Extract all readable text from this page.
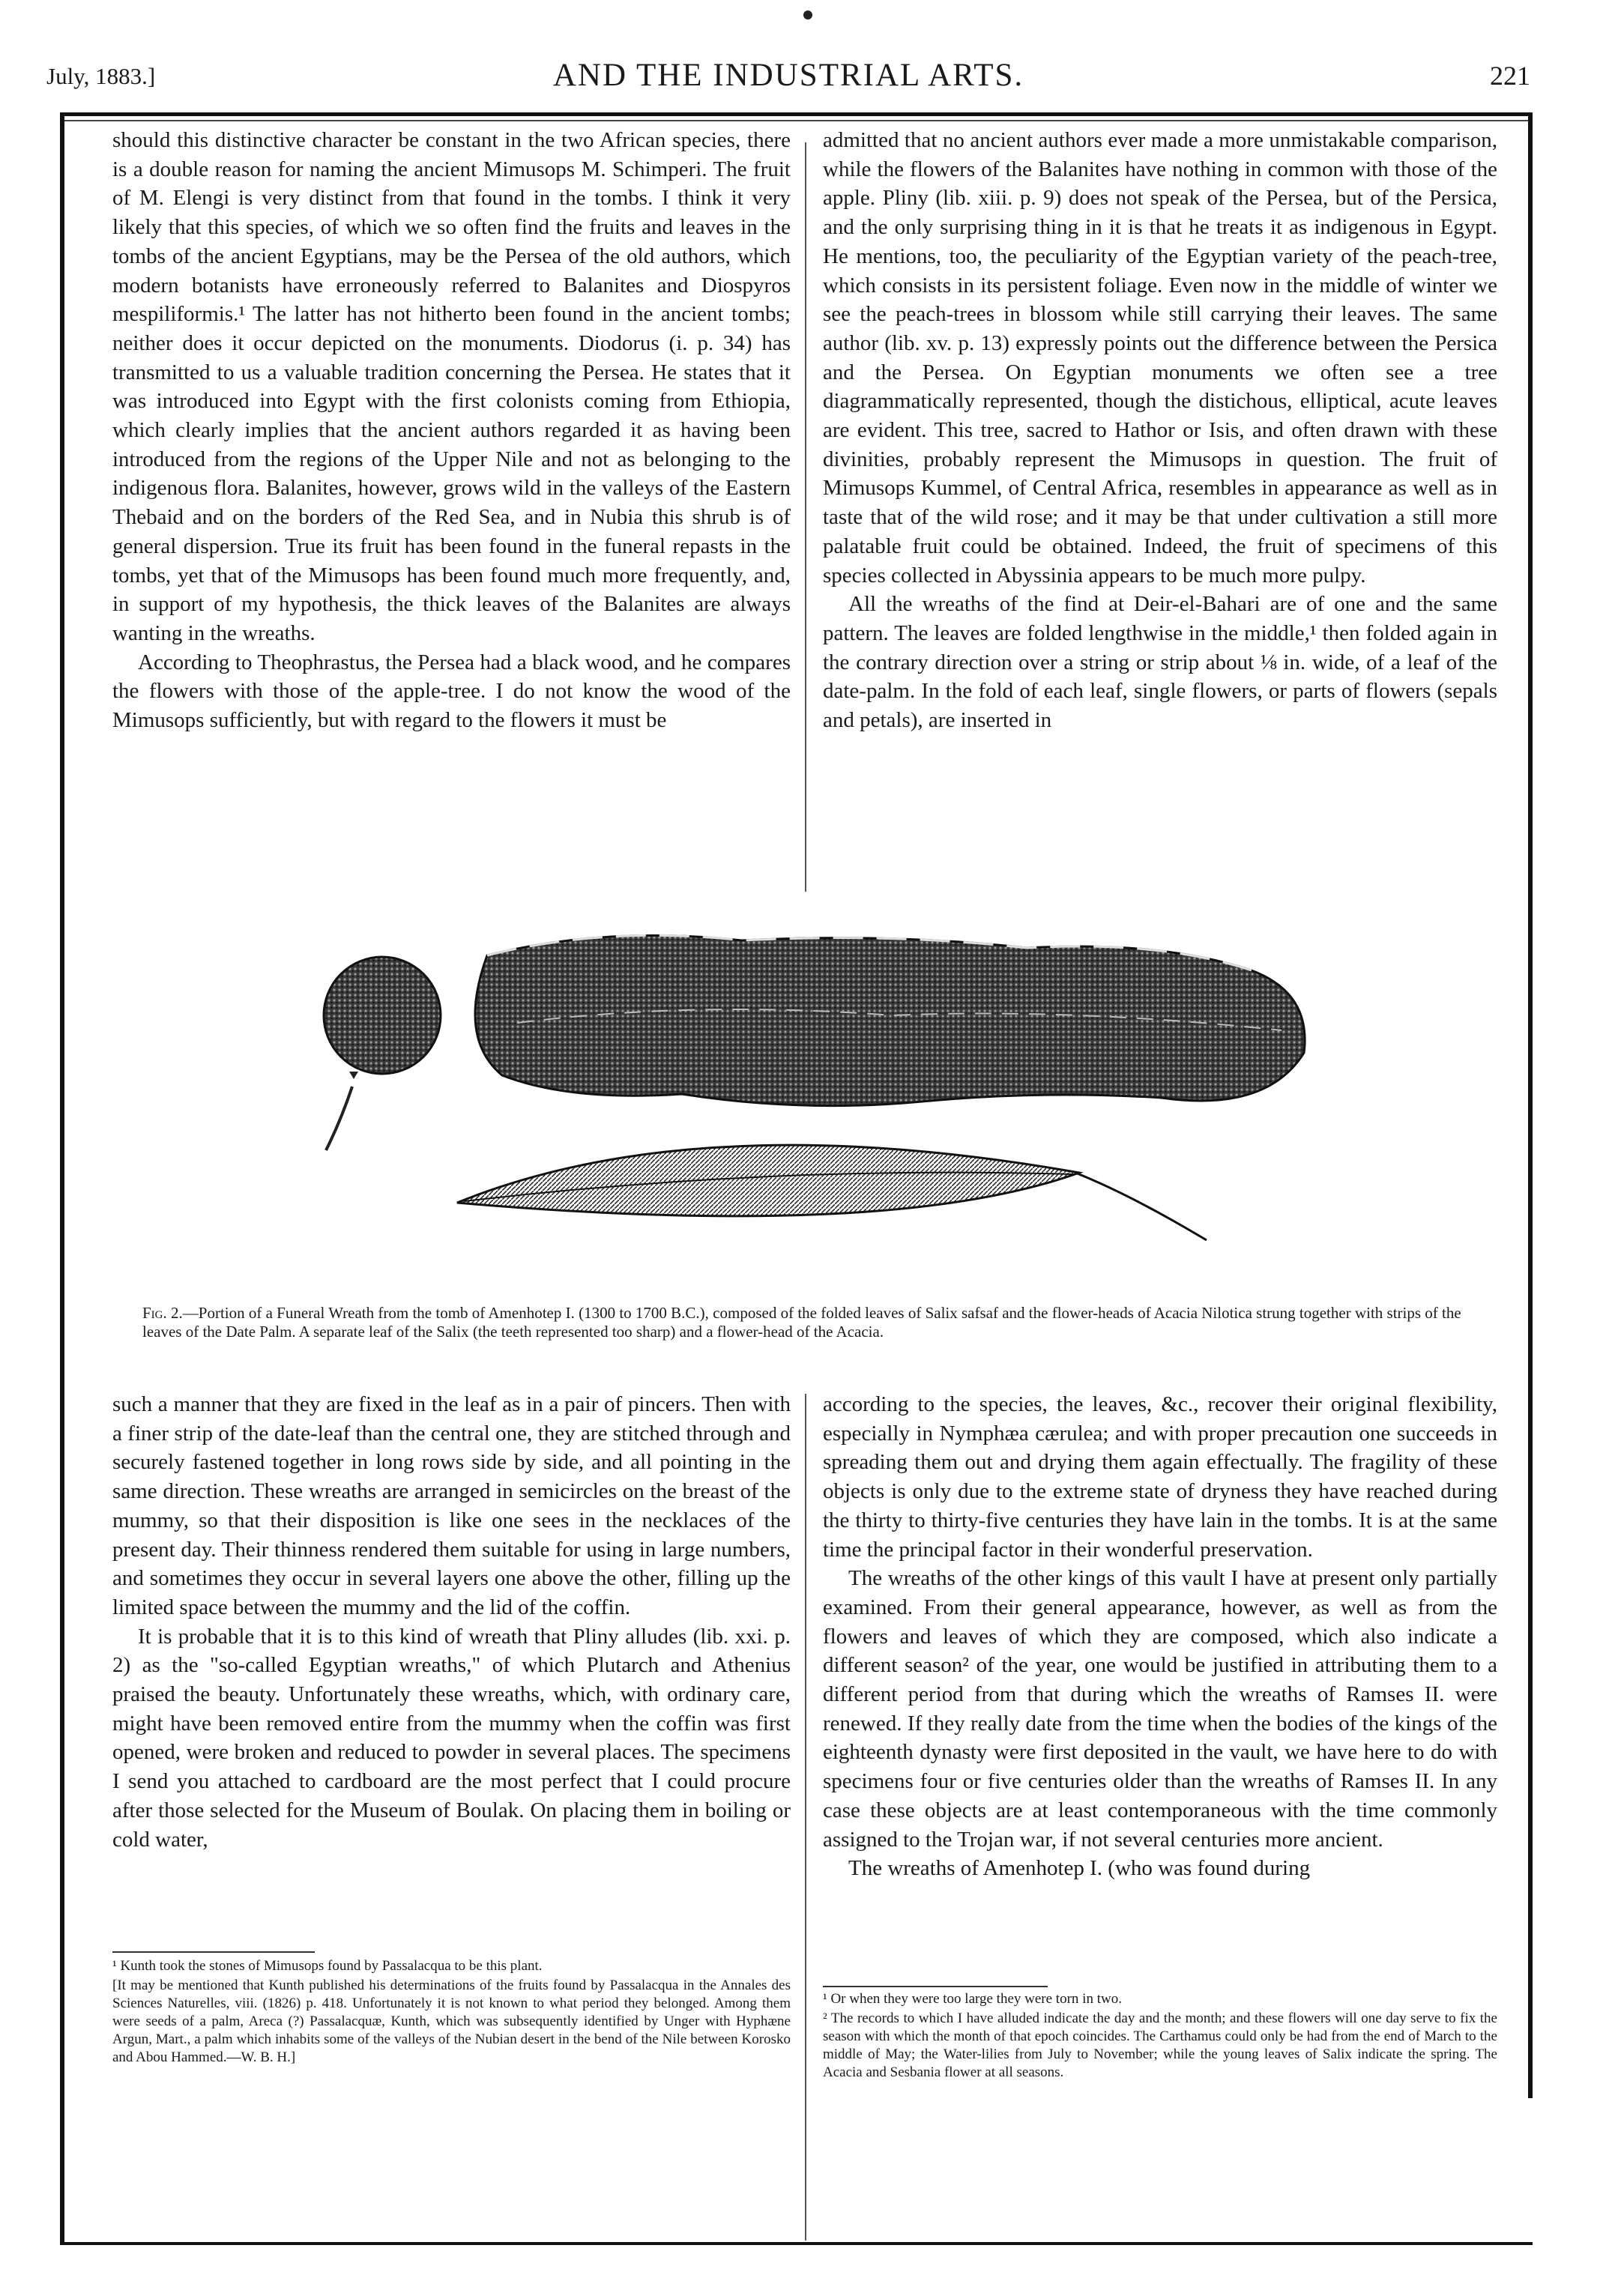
July, 1883.]	AND THE INDUSTRIAL ARTS.	221

should this distinctive character be constant in the two African species, there is a double reason for naming the ancient Mimusops M. Schimperi. The fruit of M. Elengi is very distinct from that found in the tombs. I think it very likely that this species, of which we so often find the fruits and leaves in the tombs of the ancient Egyptians, may be the Persea of the old authors, which modern botanists have erroneously referred to Balanites and Diospyros mespiliformis.¹ The latter has not hitherto been found in the ancient tombs; neither does it occur depicted on the monuments. Diodorus (i. p. 34) has transmitted to us a valuable tradition concerning the Persea. He states that it was introduced into Egypt with the first colonists coming from Ethiopia, which clearly implies that the ancient authors regarded it as having been introduced from the regions of the Upper Nile and not as belonging to the indigenous flora. Balanites, however, grows wild in the valleys of the Eastern Thebaid and on the borders of the Red Sea, and in Nubia this shrub is of general dispersion. True its fruit has been found in the funeral repasts in the tombs, yet that of the Mimusops has been found much more frequently, and, in support of my hypothesis, the thick leaves of the Balanites are always wanting in the wreaths.

According to Theophrastus, the Persea had a black wood, and he compares the flowers with those of the apple-tree. I do not know the wood of the Mimusops sufficiently, but with regard to the flowers it must be

admitted that no ancient authors ever made a more unmistakable comparison, while the flowers of the Balanites have nothing in common with those of the apple. Pliny (lib. xiii. p. 9) does not speak of the Persea, but of the Persica, and the only surprising thing in it is that he treats it as indigenous in Egypt. He mentions, too, the peculiarity of the Egyptian variety of the peach-tree, which consists in its persistent foliage. Even now in the middle of winter we see the peach-trees in blossom while still carrying their leaves. The same author (lib. xv. p. 13) expressly points out the difference between the Persica and the Persea. On Egyptian monuments we often see a tree diagrammatically represented, though the distichous, elliptical, acute leaves are evident. This tree, sacred to Hathor or Isis, and often drawn with these divinities, probably represent the Mimusops in question. The fruit of Mimusops Kummel, of Central Africa, resembles in appearance as well as in taste that of the wild rose; and it may be that under cultivation a still more palatable fruit could be obtained. Indeed, the fruit of specimens of this species collected in Abyssinia appears to be much more pulpy.

All the wreaths of the find at Deir-el-Bahari are of one and the same pattern. The leaves are folded lengthwise in the middle,¹ then folded again in the contrary direction over a string or strip about ⅛ in. wide, of a leaf of the date-palm. In the fold of each leaf, single flowers, or parts of flowers (sepals and petals), are inserted in

Fig. 2.—Portion of a Funeral Wreath from the tomb of Amenhotep I. (1300 to 1700 B.C.), composed of the folded leaves of Salix safsaf and the flower-heads of Acacia Nilotica strung together with strips of the leaves of the Date Palm. A separate leaf of the Salix (the teeth represented too sharp) and a flower-head of the Acacia.

such a manner that they are fixed in the leaf as in a pair of pincers. Then with a finer strip of the date-leaf than the central one, they are stitched through and securely fastened together in long rows side by side, and all pointing in the same direction. These wreaths are arranged in semicircles on the breast of the mummy, so that their disposition is like one sees in the necklaces of the present day. Their thinness rendered them suitable for using in large numbers, and sometimes they occur in several layers one above the other, filling up the limited space between the mummy and the lid of the coffin.

It is probable that it is to this kind of wreath that Pliny alludes (lib. xxi. p. 2) as the "so-called Egyptian wreaths," of which Plutarch and Athenius praised the beauty. Unfortunately these wreaths, which, with ordinary care, might have been removed entire from the mummy when the coffin was first opened, were broken and reduced to powder in several places. The specimens I send you attached to cardboard are the most perfect that I could procure after those selected for the Museum of Boulak. On placing them in boiling or cold water,

according to the species, the leaves, &c., recover their original flexibility, especially in Nymphæa cærulea; and with proper precaution one succeeds in spreading them out and drying them again effectually. The fragility of these objects is only due to the extreme state of dryness they have reached during the thirty to thirty-five centuries they have lain in the tombs. It is at the same time the principal factor in their wonderful preservation.

The wreaths of the other kings of this vault I have at present only partially examined. From their general appearance, however, as well as from the flowers and leaves of which they are composed, which also indicate a different season² of the year, one would be justified in attributing them to a different period from that during which the wreaths of Ramses II. were renewed. If they really date from the time when the bodies of the kings of the eighteenth dynasty were first deposited in the vault, we have here to do with specimens four or five centuries older than the wreaths of Ramses II. In any case these objects are at least contemporaneous with the time commonly assigned to the Trojan war, if not several centuries more ancient.

The wreaths of Amenhotep I. (who was found during

¹ Kunth took the stones of Mimusops found by Passalacqua to be this plant.

[It may be mentioned that Kunth published his determinations of the fruits found by Passalacqua in the Annales des Sciences Naturelles, viii. (1826) p. 418. Unfortunately it is not known to what period they belonged. Among them were seeds of a palm, Areca (?) Passalacquæ, Kunth, which was subsequently identified by Unger with Hyphæne Argun, Mart., a palm which inhabits some of the valleys of the Nubian desert in the bend of the Nile between Korosko and Abou Hammed.—W. B. H.]

¹ Or when they were too large they were torn in two.

² The records to which I have alluded indicate the day and the month; and these flowers will one day serve to fix the season with which the month of that epoch coincides. The Carthamus could only be had from the end of March to the middle of May; the Water-lilies from July to November; while the young leaves of Salix indicate the spring. The Acacia and Sesbania flower at all seasons.
